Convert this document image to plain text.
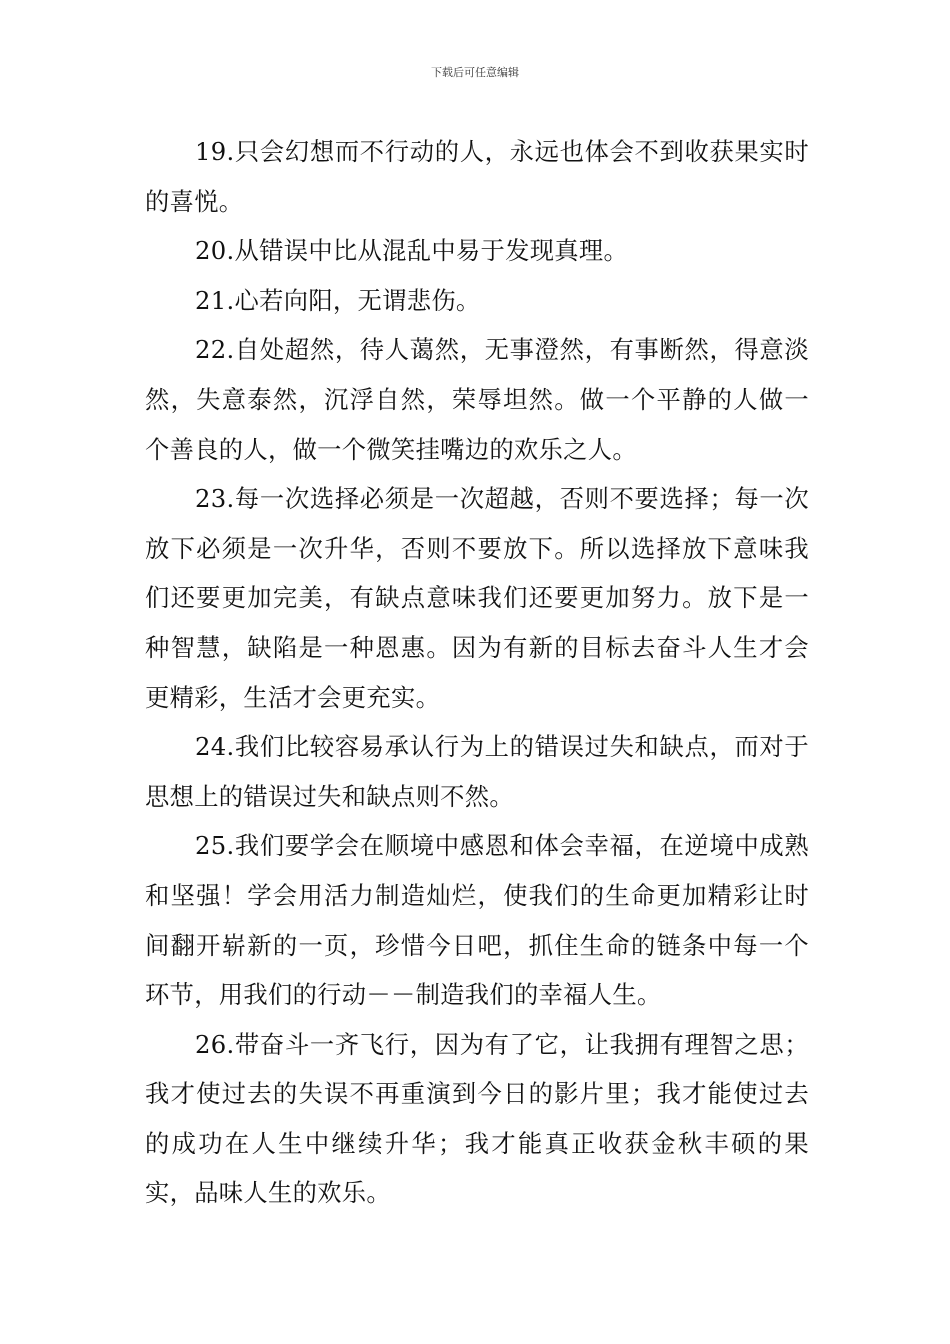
下载后可任意编辑

19.只会幻想而不行动的人，永远也体会不到收获果实时的喜悦。

20.从错误中比从混乱中易于发现真理。

21.心若向阳，无谓悲伤。

22.自处超然，待人蔼然，无事澄然，有事断然，得意淡然，失意泰然，沉浮自然，荣辱坦然。做一个平静的人做一个善良的人，做一个微笑挂嘴边的欢乐之人。

23.每一次选择必须是一次超越，否则不要选择；每一次放下必须是一次升华，否则不要放下。所以选择放下意味我们还要更加完美，有缺点意味我们还要更加努力。放下是一种智慧，缺陷是一种恩惠。因为有新的目标去奋斗人生才会更精彩，生活才会更充实。

24.我们比较容易承认行为上的错误过失和缺点，而对于思想上的错误过失和缺点则不然。

25.我们要学会在顺境中感恩和体会幸福，在逆境中成熟和坚强！学会用活力制造灿烂，使我们的生命更加精彩让时间翻开崭新的一页，珍惜今日吧，抓住生命的链条中每一个环节，用我们的行动－－制造我们的幸福人生。

26.带奋斗一齐飞行，因为有了它，让我拥有理智之思；我才使过去的失误不再重演到今日的影片里；我才能使过去的成功在人生中继续升华；我才能真正收获金秋丰硕的果实，品味人生的欢乐。
